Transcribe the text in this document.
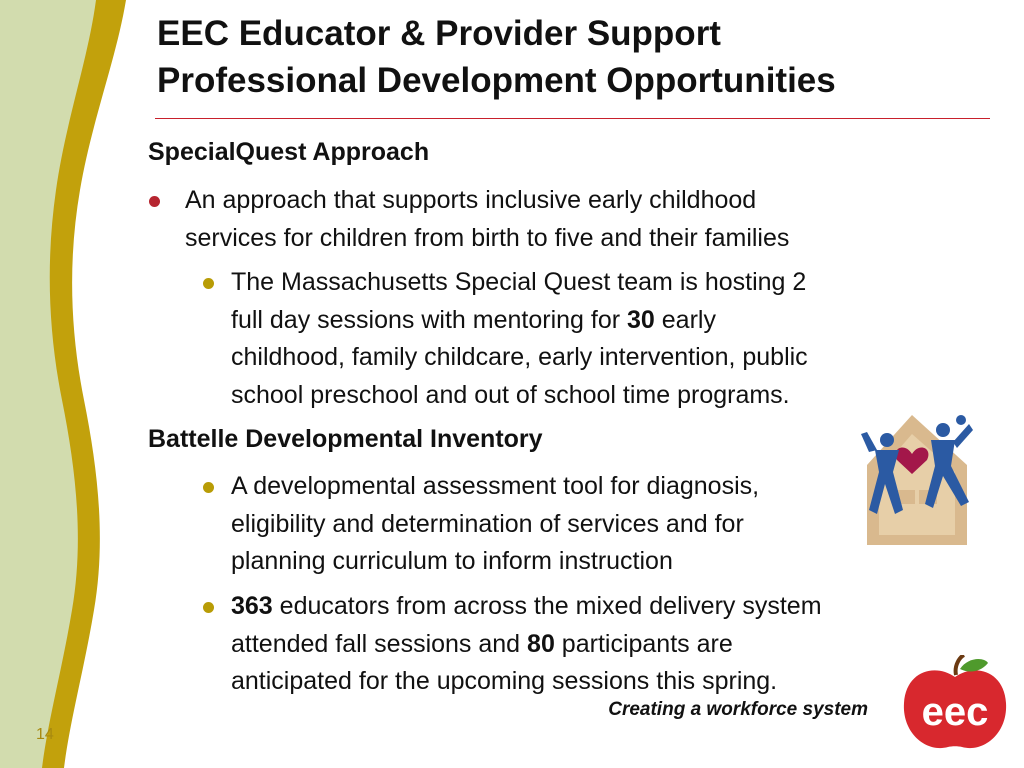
EEC Educator & Provider Support
Professional Development Opportunities

SpecialQuest Approach

An approach that supports inclusive early childhood
services for children from birth to five and their families

The Massachusetts Special Quest team is hosting 2
full day sessions with mentoring for 30 early
childhood, family childcare, early intervention, public
school preschool and out of school time programs.

Battelle Developmental Inventory

A developmental assessment tool for diagnosis,
eligibility and determination of services and for
planning curriculum to inform instruction

363 educators from across the mixed delivery system
attended fall sessions and 80 participants are
anticipated for the upcoming sessions this spring.

Creating a workforce system eec
14
